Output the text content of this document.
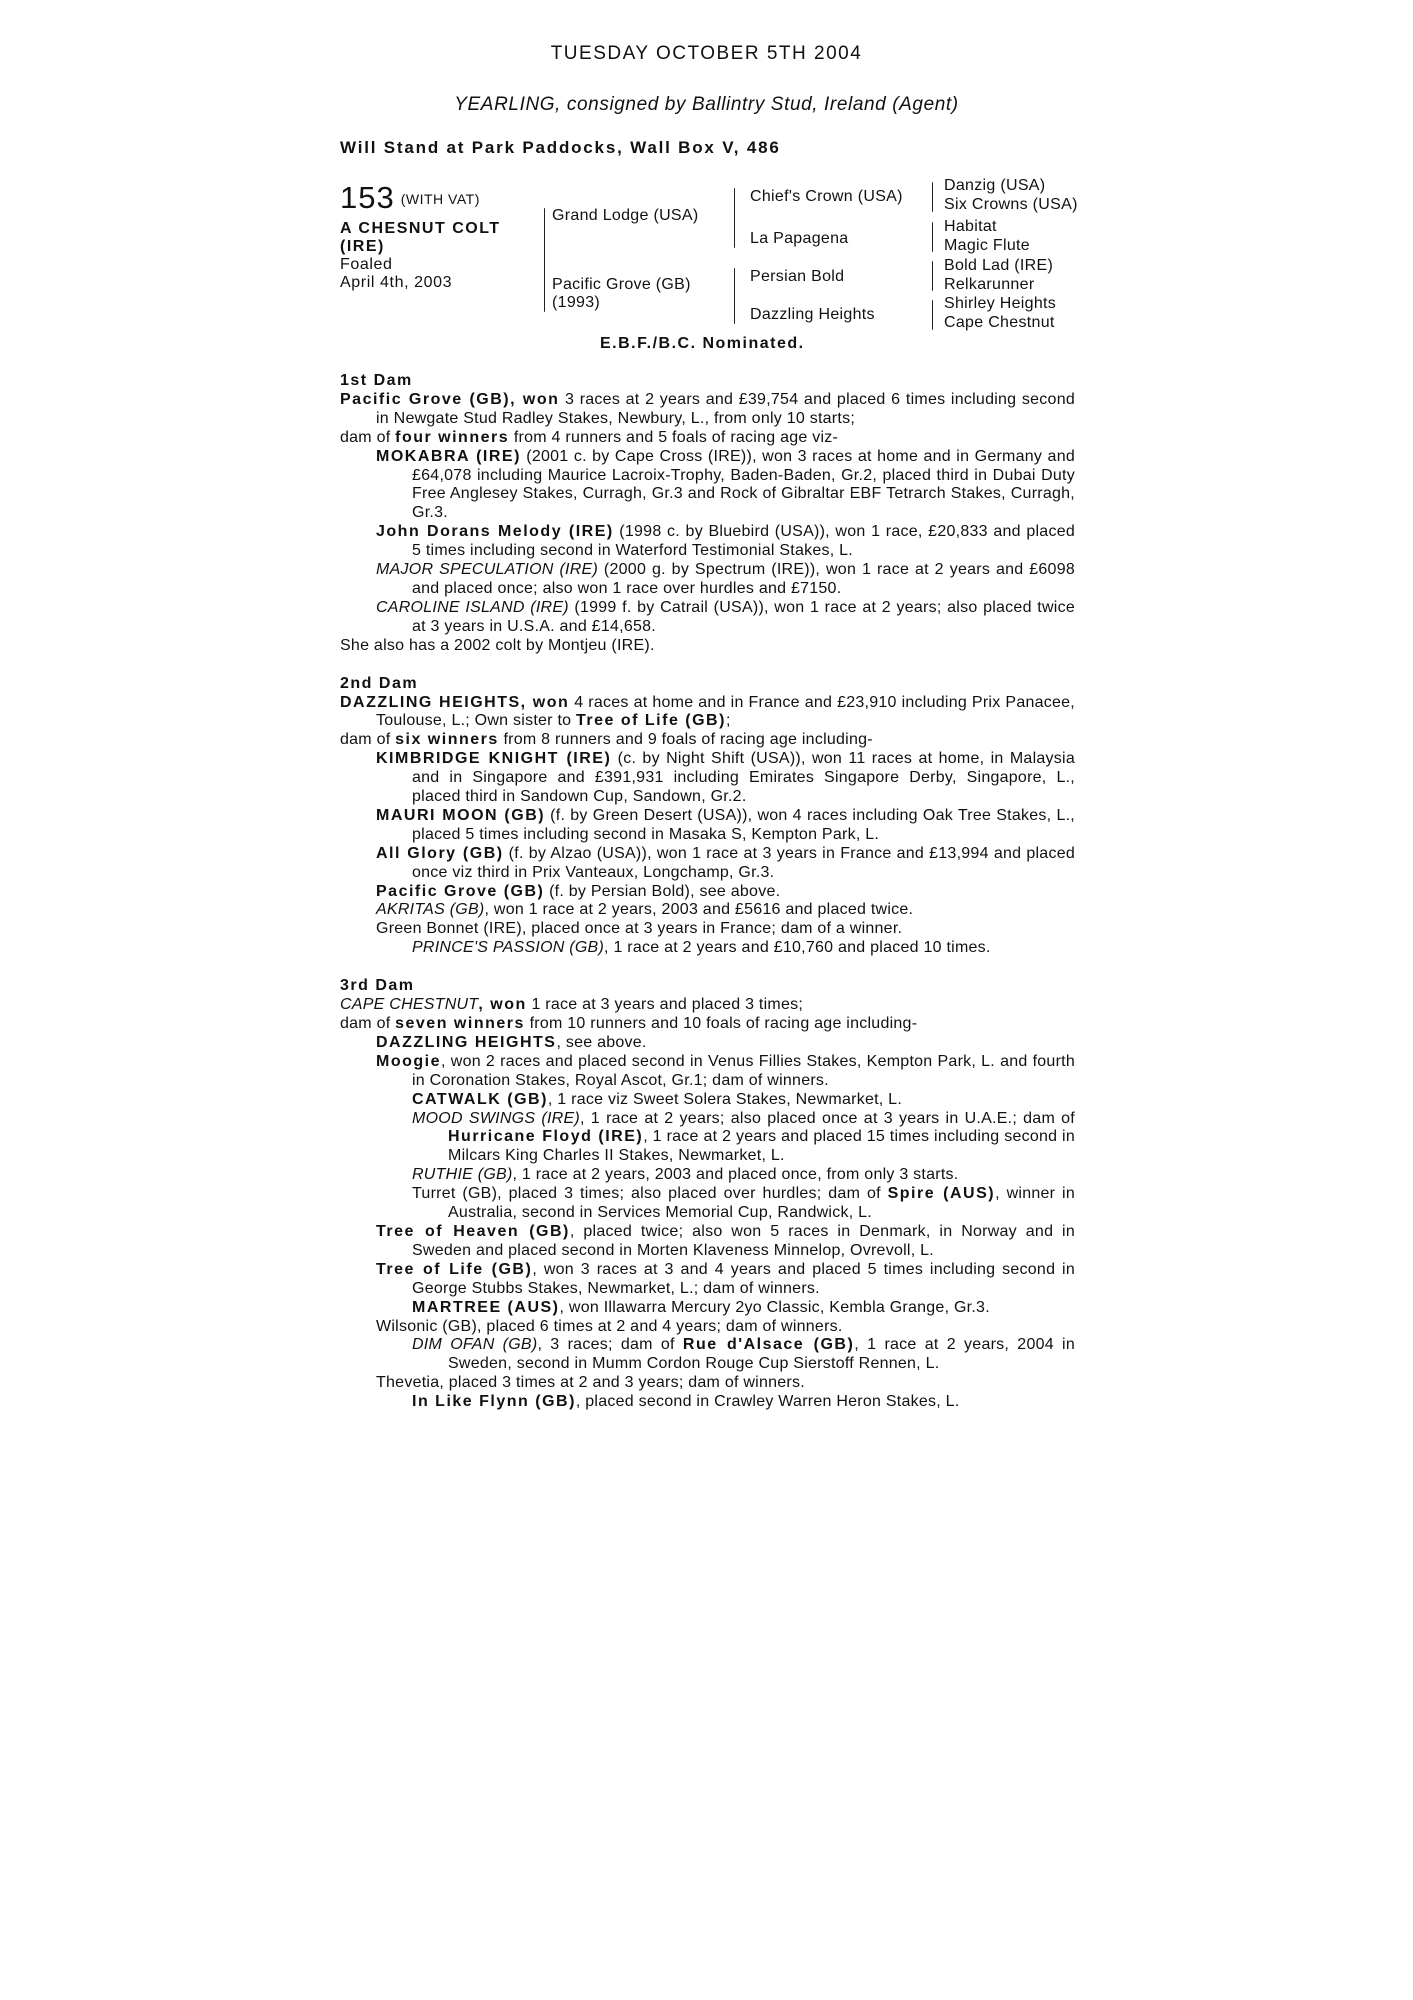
TUESDAY OCTOBER 5TH 2004
YEARLING, consigned by Ballintry Stud, Ireland (Agent)
Will Stand at Park Paddocks, Wall Box V, 486
153 (WITH VAT)
A CHESNUT COLT (IRE)
Foaled
April 4th, 2003
Grand Lodge (USA)
Pacific Grove (GB)
(1993)
Chief's Crown (USA)
La Papagena
Persian Bold
Dazzling Heights
Danzig (USA)
Six Crowns (USA)
Habitat
Magic Flute
Bold Lad (IRE)
Relkarunner
Shirley Heights
Cape Chestnut
E.B.F./B.C. Nominated.
1st Dam
Pacific Grove (GB), won 3 races at 2 years and £39,754 and placed 6 times including second in Newgate Stud Radley Stakes, Newbury, L., from only 10 starts;
dam of four winners from 4 runners and 5 foals of racing age viz-
MOKABRA (IRE) (2001 c. by Cape Cross (IRE)), won 3 races at home and in Germany and £64,078 including Maurice Lacroix-Trophy, Baden-Baden, Gr.2, placed third in Dubai Duty Free Anglesey Stakes, Curragh, Gr.3 and Rock of Gibraltar EBF Tetrarch Stakes, Curragh, Gr.3.
John Dorans Melody (IRE) (1998 c. by Bluebird (USA)), won 1 race, £20,833 and placed 5 times including second in Waterford Testimonial Stakes, L.
MAJOR SPECULATION (IRE) (2000 g. by Spectrum (IRE)), won 1 race at 2 years and £6098 and placed once; also won 1 race over hurdles and £7150.
CAROLINE ISLAND (IRE) (1999 f. by Catrail (USA)), won 1 race at 2 years; also placed twice at 3 years in U.S.A. and £14,658.
She also has a 2002 colt by Montjeu (IRE).
2nd Dam
DAZZLING HEIGHTS, won 4 races at home and in France and £23,910 including Prix Panacee, Toulouse, L.; Own sister to Tree of Life (GB);
dam of six winners from 8 runners and 9 foals of racing age including-
KIMBRIDGE KNIGHT (IRE) (c. by Night Shift (USA)), won 11 races at home, in Malaysia and in Singapore and £391,931 including Emirates Singapore Derby, Singapore, L., placed third in Sandown Cup, Sandown, Gr.2.
MAURI MOON (GB) (f. by Green Desert (USA)), won 4 races including Oak Tree Stakes, L., placed 5 times including second in Masaka S, Kempton Park, L.
All Glory (GB) (f. by Alzao (USA)), won 1 race at 3 years in France and £13,994 and placed once viz third in Prix Vanteaux, Longchamp, Gr.3.
Pacific Grove (GB) (f. by Persian Bold), see above.
AKRITAS (GB), won 1 race at 2 years, 2003 and £5616 and placed twice.
Green Bonnet (IRE), placed once at 3 years in France; dam of a winner.
PRINCE'S PASSION (GB), 1 race at 2 years and £10,760 and placed 10 times.
3rd Dam
CAPE CHESTNUT, won 1 race at 3 years and placed 3 times;
dam of seven winners from 10 runners and 10 foals of racing age including-
DAZZLING HEIGHTS, see above.
Moogie, won 2 races and placed second in Venus Fillies Stakes, Kempton Park, L. and fourth in Coronation Stakes, Royal Ascot, Gr.1; dam of winners.
CATWALK (GB), 1 race viz Sweet Solera Stakes, Newmarket, L.
MOOD SWINGS (IRE), 1 race at 2 years; also placed once at 3 years in U.A.E.; dam of Hurricane Floyd (IRE), 1 race at 2 years and placed 15 times including second in Milcars King Charles II Stakes, Newmarket, L.
RUTHIE (GB), 1 race at 2 years, 2003 and placed once, from only 3 starts.
Turret (GB), placed 3 times; also placed over hurdles; dam of Spire (AUS), winner in Australia, second in Services Memorial Cup, Randwick, L.
Tree of Heaven (GB), placed twice; also won 5 races in Denmark, in Norway and in Sweden and placed second in Morten Klaveness Minnelop, Ovrevoll, L.
Tree of Life (GB), won 3 races at 3 and 4 years and placed 5 times including second in George Stubbs Stakes, Newmarket, L.; dam of winners.
MARTREE (AUS), won Illawarra Mercury 2yo Classic, Kembla Grange, Gr.3.
Wilsonic (GB), placed 6 times at 2 and 4 years; dam of winners.
DIM OFAN (GB), 3 races; dam of Rue d'Alsace (GB), 1 race at 2 years, 2004 in Sweden, second in Mumm Cordon Rouge Cup Sierstoff Rennen, L.
Thevetia, placed 3 times at 2 and 3 years; dam of winners.
In Like Flynn (GB), placed second in Crawley Warren Heron Stakes, L.
